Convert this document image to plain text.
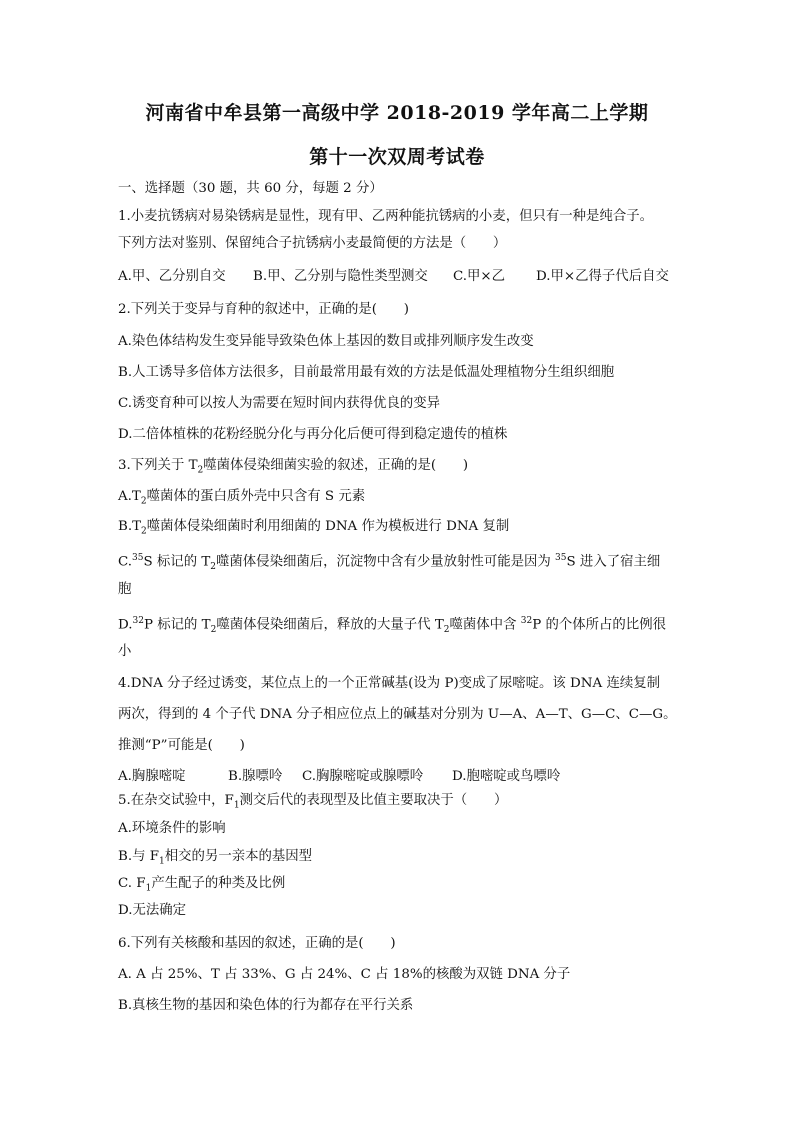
河南省中牟县第一高级中学 2018-2019 学年高二上学期
第十一次双周考试卷
一、选择题（30 题，共 60 分，每题 2 分）
1.小麦抗锈病对易染锈病是显性，现有甲、乙两种能抗锈病的小麦，但只有一种是纯合子。
下列方法对鉴别、保留纯合子抗锈病小麦最简便的方法是（　　）
A.甲、乙分别自交 B.甲、乙分别与隐性类型测交 C.甲×乙 D.甲×乙得子代后自交
2.下列关于变异与育种的叙述中，正确的是(　　)
A.染色体结构发生变异能导致染色体上基因的数目或排列顺序发生改变
B.人工诱导多倍体方法很多，目前最常用最有效的方法是低温处理植物分生组织细胞
C.诱变育种可以按人为需要在短时间内获得优良的变异
D.二倍体植株的花粉经脱分化与再分化后便可得到稳定遗传的植株
3.下列关于 $T_2$噬菌体侵染细菌实验的叙述，正确的是(　　)
$A.T_2$噬菌体的蛋白质外壳中只含有 S 元素
$B.T_2$噬菌体侵染细菌时利用细菌的 DNA 作为模板进行 DNA 复制
C.$^{35}$S 标记的 $T_2$噬菌体侵染细菌后，沉淀物中含有少量放射性可能是因为 $^{35}$S 进入了宿主细
胞
D.$^{32}$P 标记的 $T_2$噬菌体侵染细菌后，释放的大量子代 $T_2$噬菌体中含 $^{32}$P 的个体所占的比例很
小
4.DNA 分子经过诱变，某位点上的一个正常碱基(设为 P)变成了尿嘧啶。该 DNA 连续复制
两次，得到的 4 个子代 DNA 分子相应位点上的碱基对分别为 U—A、A—T、G—C、C—G。
推测“P”可能是(　　)
A.胸腺嘧啶	B.腺嘌呤 C.胸腺嘧啶或腺嘌呤 D.胞嘧啶或鸟嘌呤
5.在杂交试验中，$F_1$测交后代的表现型及比值主要取决于（　　）
A.环境条件的影响
B.与 $F_1$相交的另一亲本的基因型
C. $F_1$产生配子的种类及比例
D.无法确定
6.下列有关核酸和基因的叙述，正确的是(　　)
A. A 占 25%、T 占 33%、G 占 24%、C 占 18%的核酸为双链 DNA 分子
B.真核生物的基因和染色体的行为都存在平行关系
